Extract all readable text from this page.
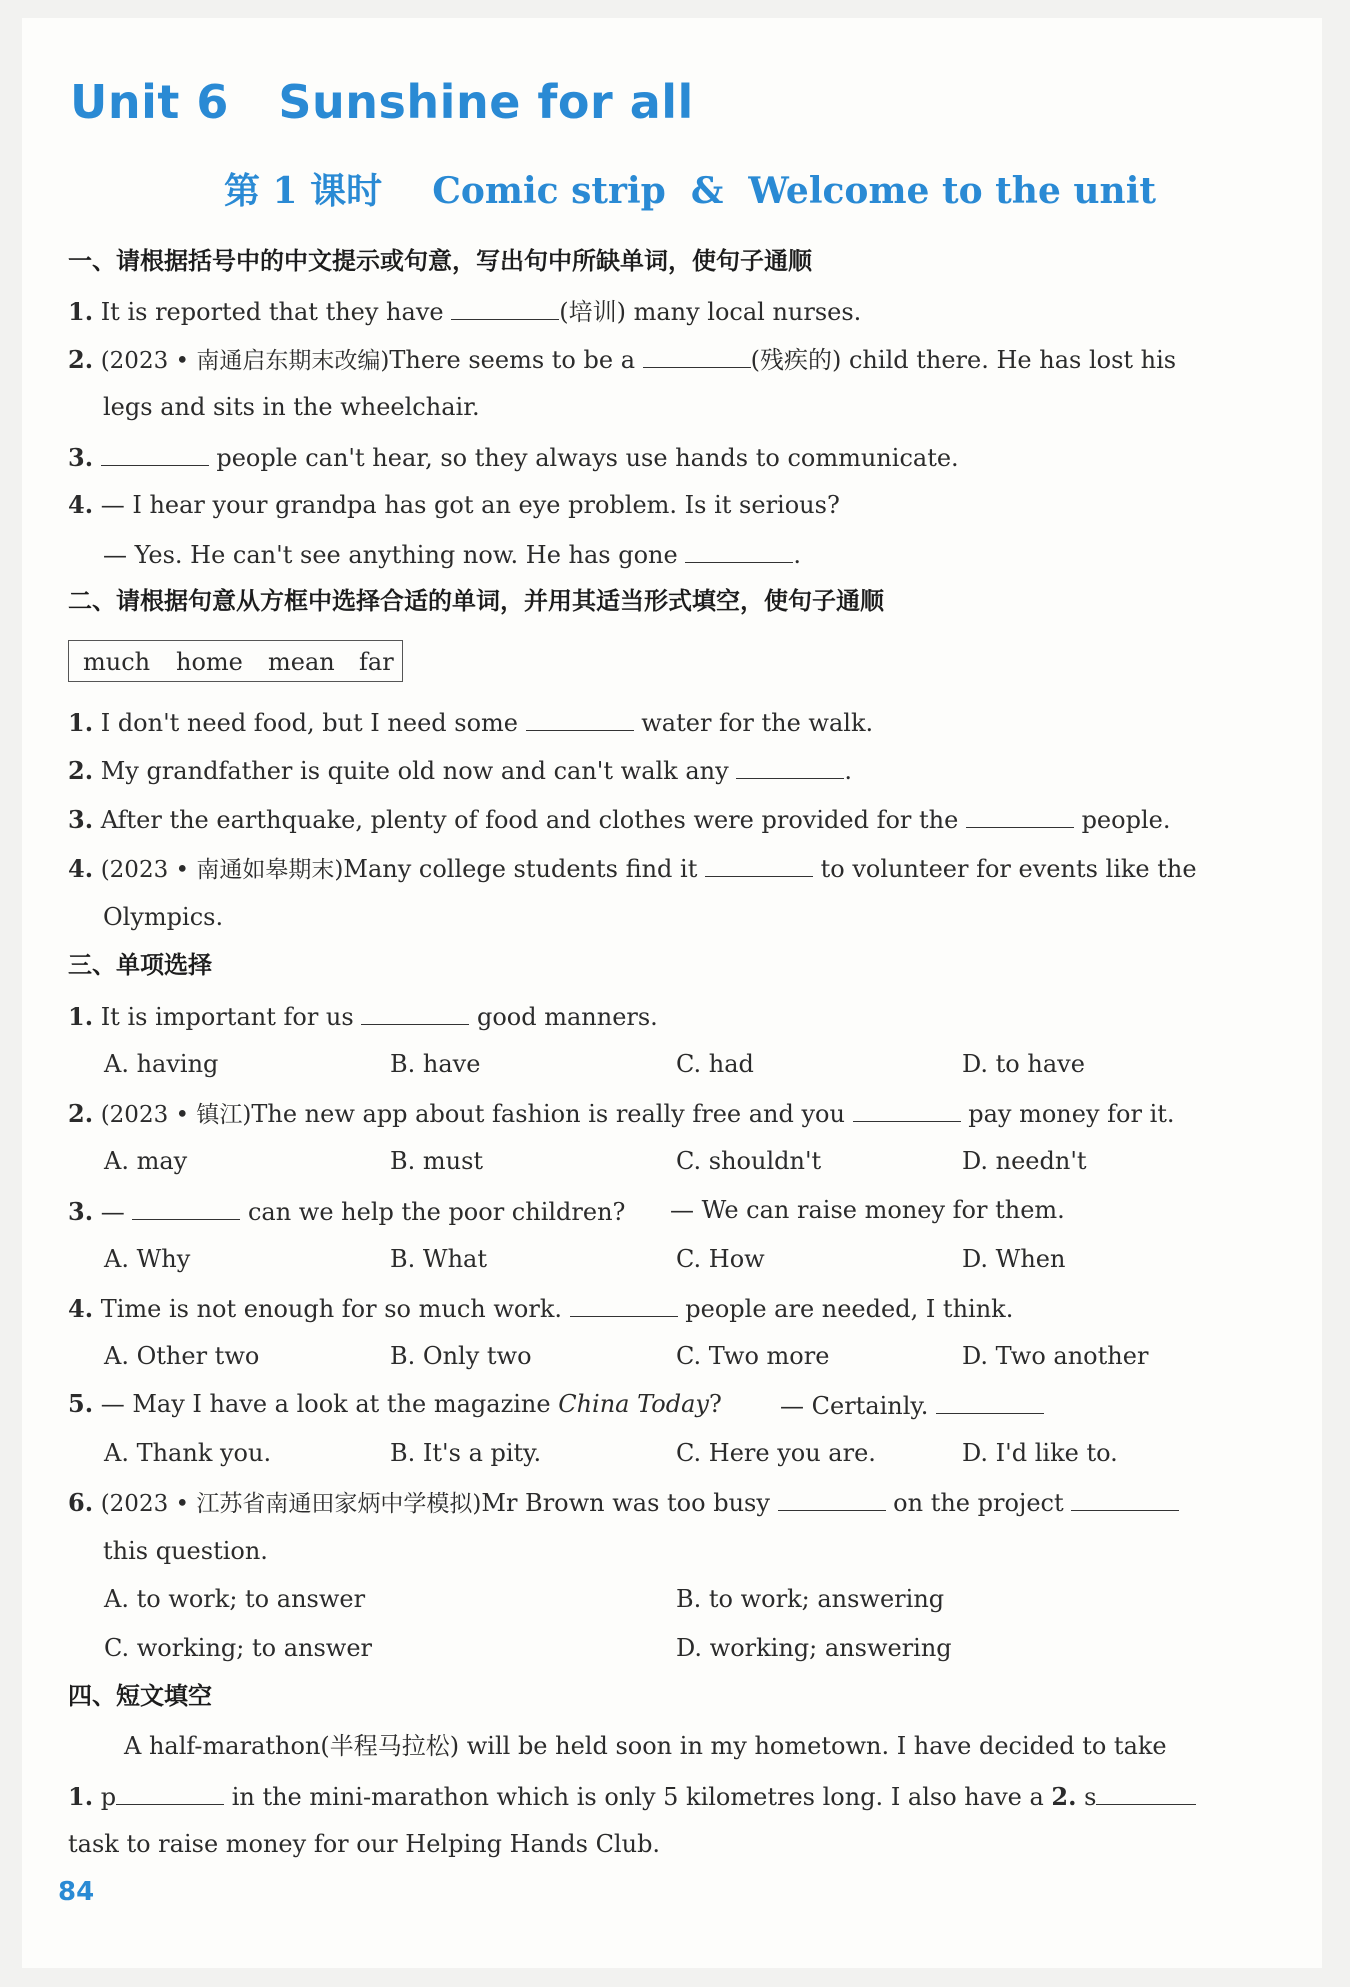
Unit 6   Sunshine for all
第 1 课时    Comic strip  &  Welcome to the unit
一、请根据括号中的中文提示或句意，写出句中所缺单词，使句子通顺
1. It is reported that they have	(培训) many local nurses.
2. (2023 • 南通启东期末改编)There seems to be a	(残疾的) child there. He has lost his
legs and sits in the wheelchair.
3.	people can't hear, so they always use hands to communicate.
4. — I hear your grandpa has got an eye problem. Is it serious?
— Yes. He can't see anything now. He has gone	.
二、请根据句意从方框中选择合适的单词，并用其适当形式填空，使句子通顺
much home mean far
1. I don't need food, but I need some	water for the walk.
2. My grandfather is quite old now and can't walk any	.
3. After the earthquake, plenty of food and clothes were provided for the	people.
4. (2023 • 南通如皋期末)Many college students find it	to volunteer for events like the
Olympics.
三、单项选择
1. It is important for us	good manners.
A. having	B. have	C. had	D. to have
2. (2023 • 镇江)The new app about fashion is really free and you	pay money for it.
A. may	B. must	C. shouldn't	D. needn't
3. —	can we help the poor children? — We can raise money for them.
A. Why	B. What	C. How	D. When
4. Time is not enough for so much work.	people are needed, I think.
A. Other two	B. Only two	C. Two more	D. Two another
5. — May I have a look at the magazine China Today? — Certainly.
A. Thank you.	B. It's a pity.	C. Here you are.	D. I'd like to.
6. (2023 • 江苏省南通田家炳中学模拟)Mr Brown was too busy	on the project
this question.
A. to work; to answer	B. to work; answering
C. working; to answer	D. working; answering
四、短文填空
A half-marathon(半程马拉松) will be held soon in my hometown. I have decided to take
1. p	in the mini-marathon which is only 5 kilometres long. I also have a 2. s
task to raise money for our Helping Hands Club.
84
